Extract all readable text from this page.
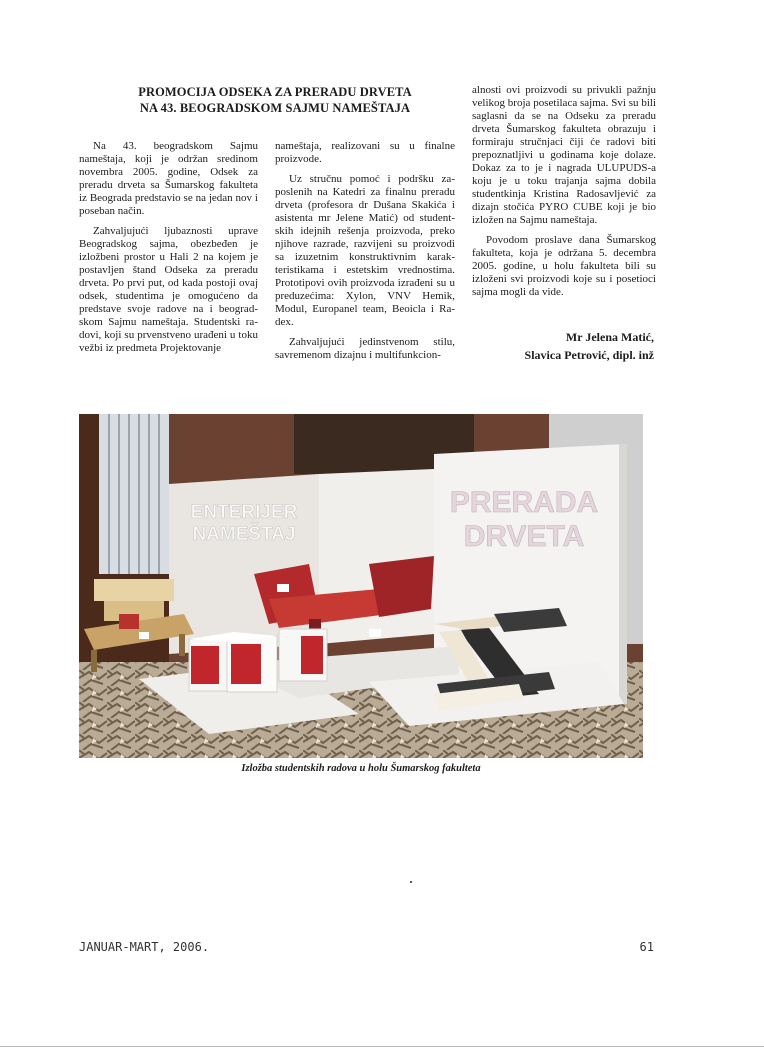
PROMOCIJA ODSEKA ZA PRERADU DRVETA
NA 43. BEOGRADSKOM SAJMU NAMEŠTAJA

Na 43. beogradskom Sajmu nameštaja, koji je održan sredinom novembra 2005. godine, Odsek za preradu drveta sa Šumarskog fakulteta iz Beograda predstavio se na jedan nov i poseban način.

Zahvaljujući ljubaznosti uprave Beogradskog sajma, obezbeđen je izložbeni prostor u Hali 2 na kojem je postavljen štand Odseka za preradu drveta. Po prvi put, od kada postoji ovaj odsek, studentima je omogućeno da predstave svoje radove na i beogradskom Sajmu nameštaja. Studentski radovi, koji su prvenstveno urađeni u toku vežbi iz predmeta Projektovanje

nameštaja, realizovani su u finalne proizvode.

Uz stručnu pomoć i podršku zaposlenih na Katedri za finalnu preradu drveta (profesora dr Dušana Skakića i asistenta mr Jelene Matić) od studentskih idejnih rešenja proizvoda, preko njihove razrade, razvijeni su proizvodi sa izuzetnim konstruktivnim karakteristikama i estetskim vrednostima. Prototipovi ovih proizvoda izrađeni su u preduzećima: Xylon, VNV Hemik, Modul, Europanel team, Beoicla i Radex.

Zahvaljujući jedinstvenom stilu, savremenom dizajnu i multifunkcion-

alnosti ovi proizvodi su privukli pažnju velikog broja posetilaca sajma. Svi su bili saglasni da se na Odseku za preradu drveta Šumarskog fakulteta obrazuju i formiraju stručnjaci čiji će radovi biti prepoznatljivi u godinama koje dolaze. Dokaz za to je i nagrada ULUPUDS-a koju je u toku trajanja sajma dobila studentkinja Kristina Radosavljević za dizajn stočića PYRO CUBE koji je bio izložen na Sajmu nameštaja.

Povodom proslave dana Šumarskog fakulteta, koja je održana 5. decembra 2005. godine, u holu fakulteta bili su izloženi svi proizvodi koje su i posetioci sajma mogli da vide.

Mr Jelena Matić,
Slavica Petrović, dipl. inž
ENTERIJER
NAMEŠTAJ
PRERADA
DRVETA
Izložba studentskih radova u holu Šumarskog fakulteta
JANUAR-MART, 2006.	61
